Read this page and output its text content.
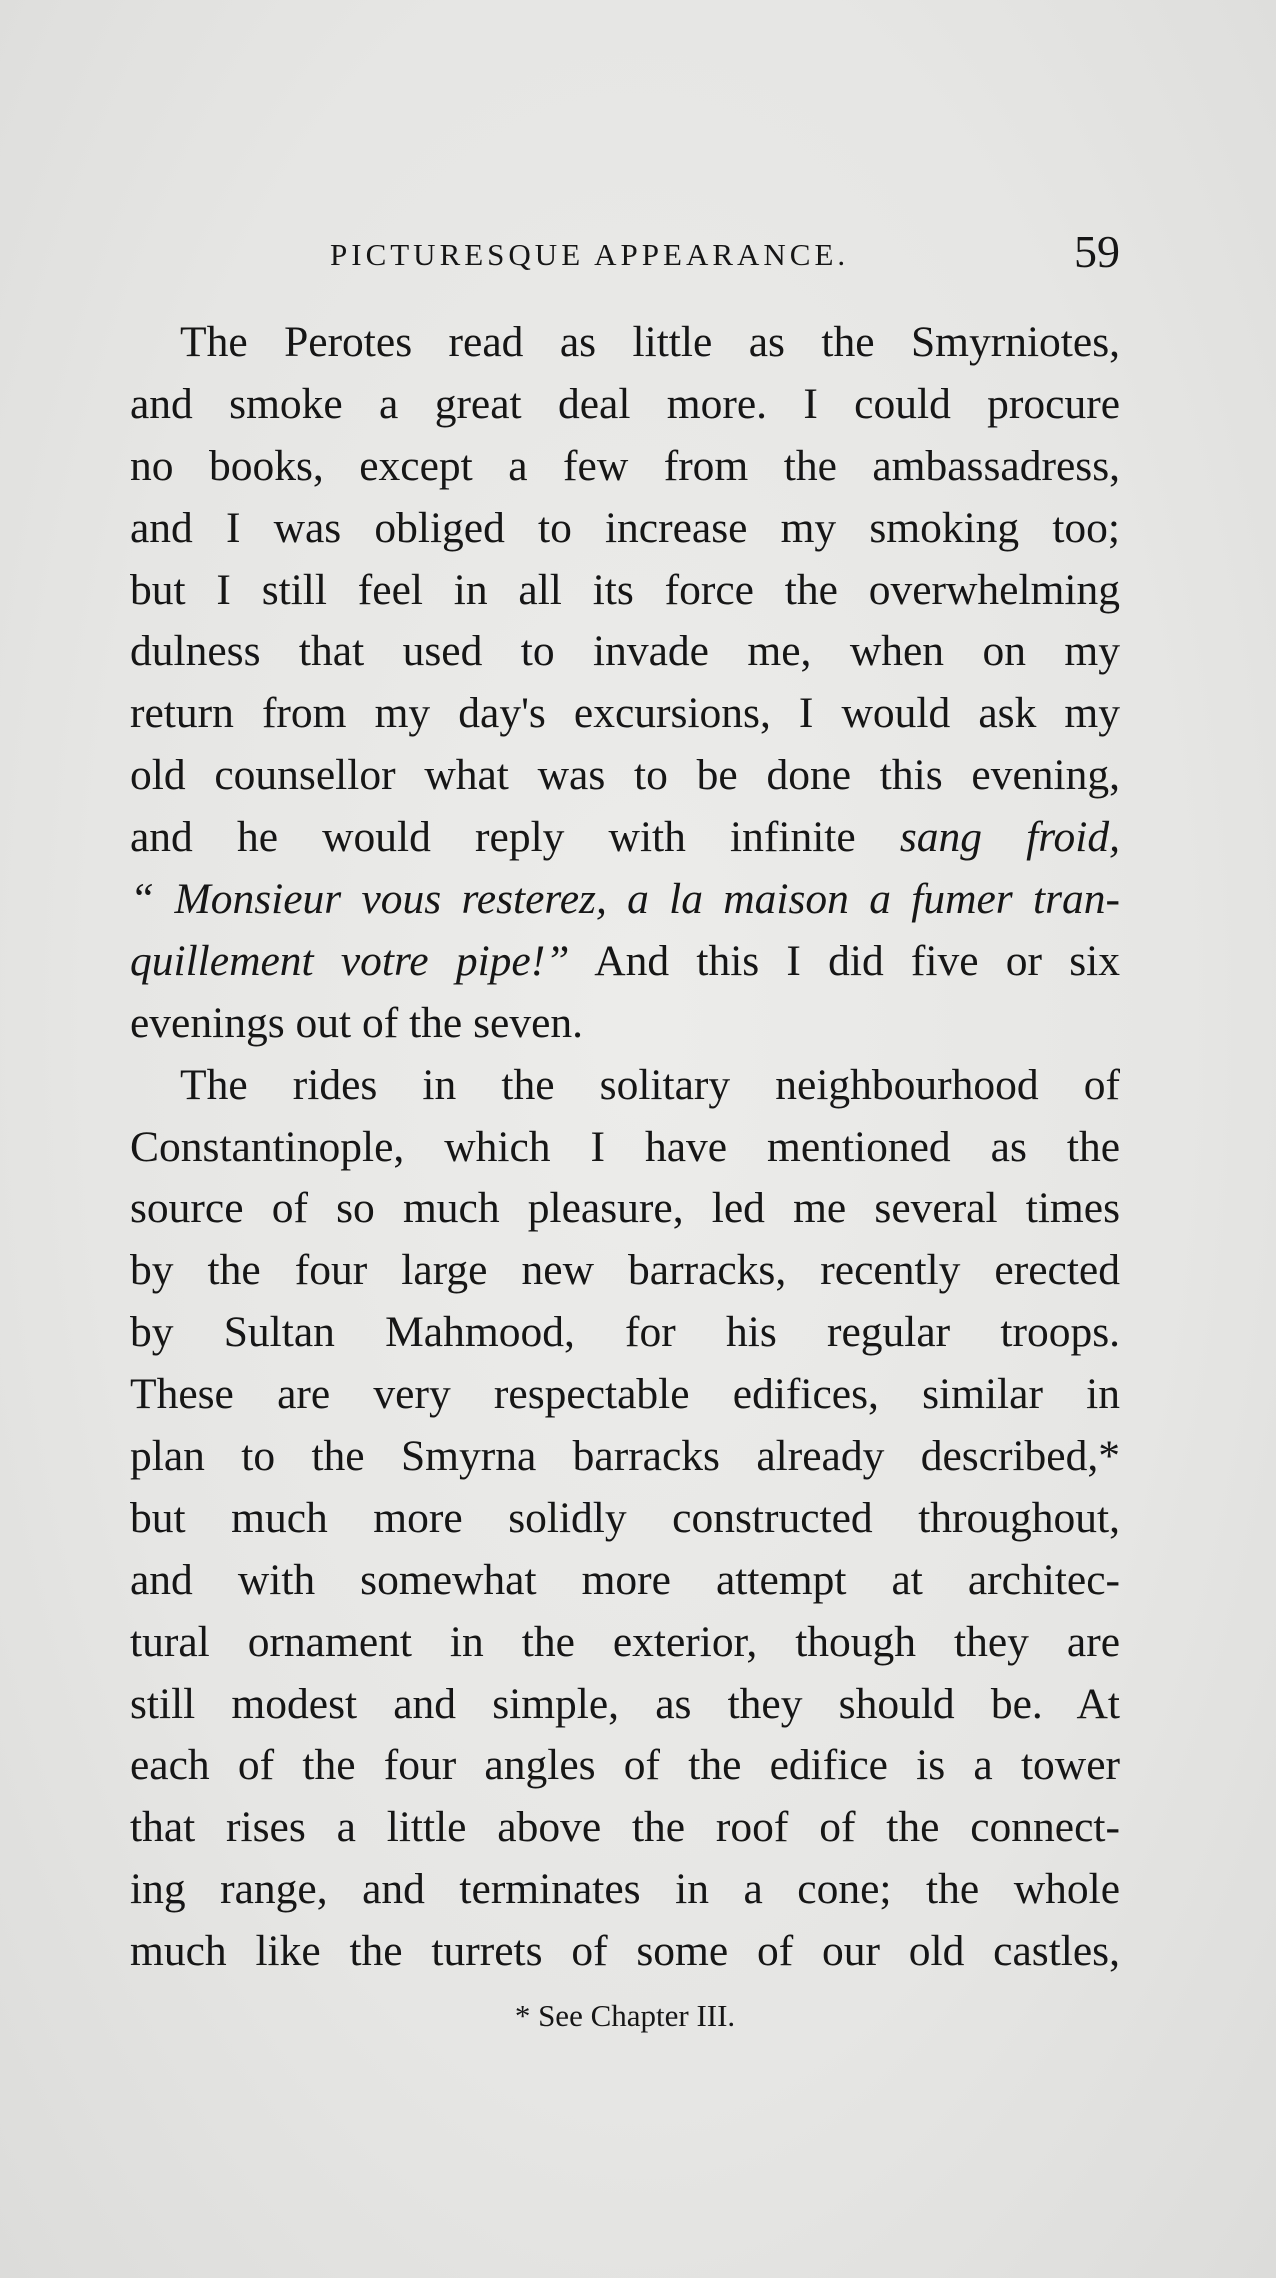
PICTURESQUE APPEARANCE.	59
The Perotes read as little as the Smyrniotes,
and smoke a great deal more. I could procure
no books, except a few from the ambassadress,
and I was obliged to increase my smoking too;
but I still feel in all its force the overwhelming
dulness that used to invade me, when on my
return from my day's excursions, I would ask my
old counsellor what was to be done this evening,
and he would reply with infinite sang froid,
“ Monsieur vous resterez, a la maison a fumer tran-
quillement votre pipe!” And this I did five or six
evenings out of the seven.
The rides in the solitary neighbourhood of
Constantinople, which I have mentioned as the
source of so much pleasure, led me several times
by the four large new barracks, recently erected
by Sultan Mahmood, for his regular troops.
These are very respectable edifices, similar in
plan to the Smyrna barracks already described,*
but much more solidly constructed throughout,
and with somewhat more attempt at architec-
tural ornament in the exterior, though they are
still modest and simple, as they should be. At
each of the four angles of the edifice is a tower
that rises a little above the roof of the connect-
ing range, and terminates in a cone; the whole
much like the turrets of some of our old castles,
* See Chapter III.
